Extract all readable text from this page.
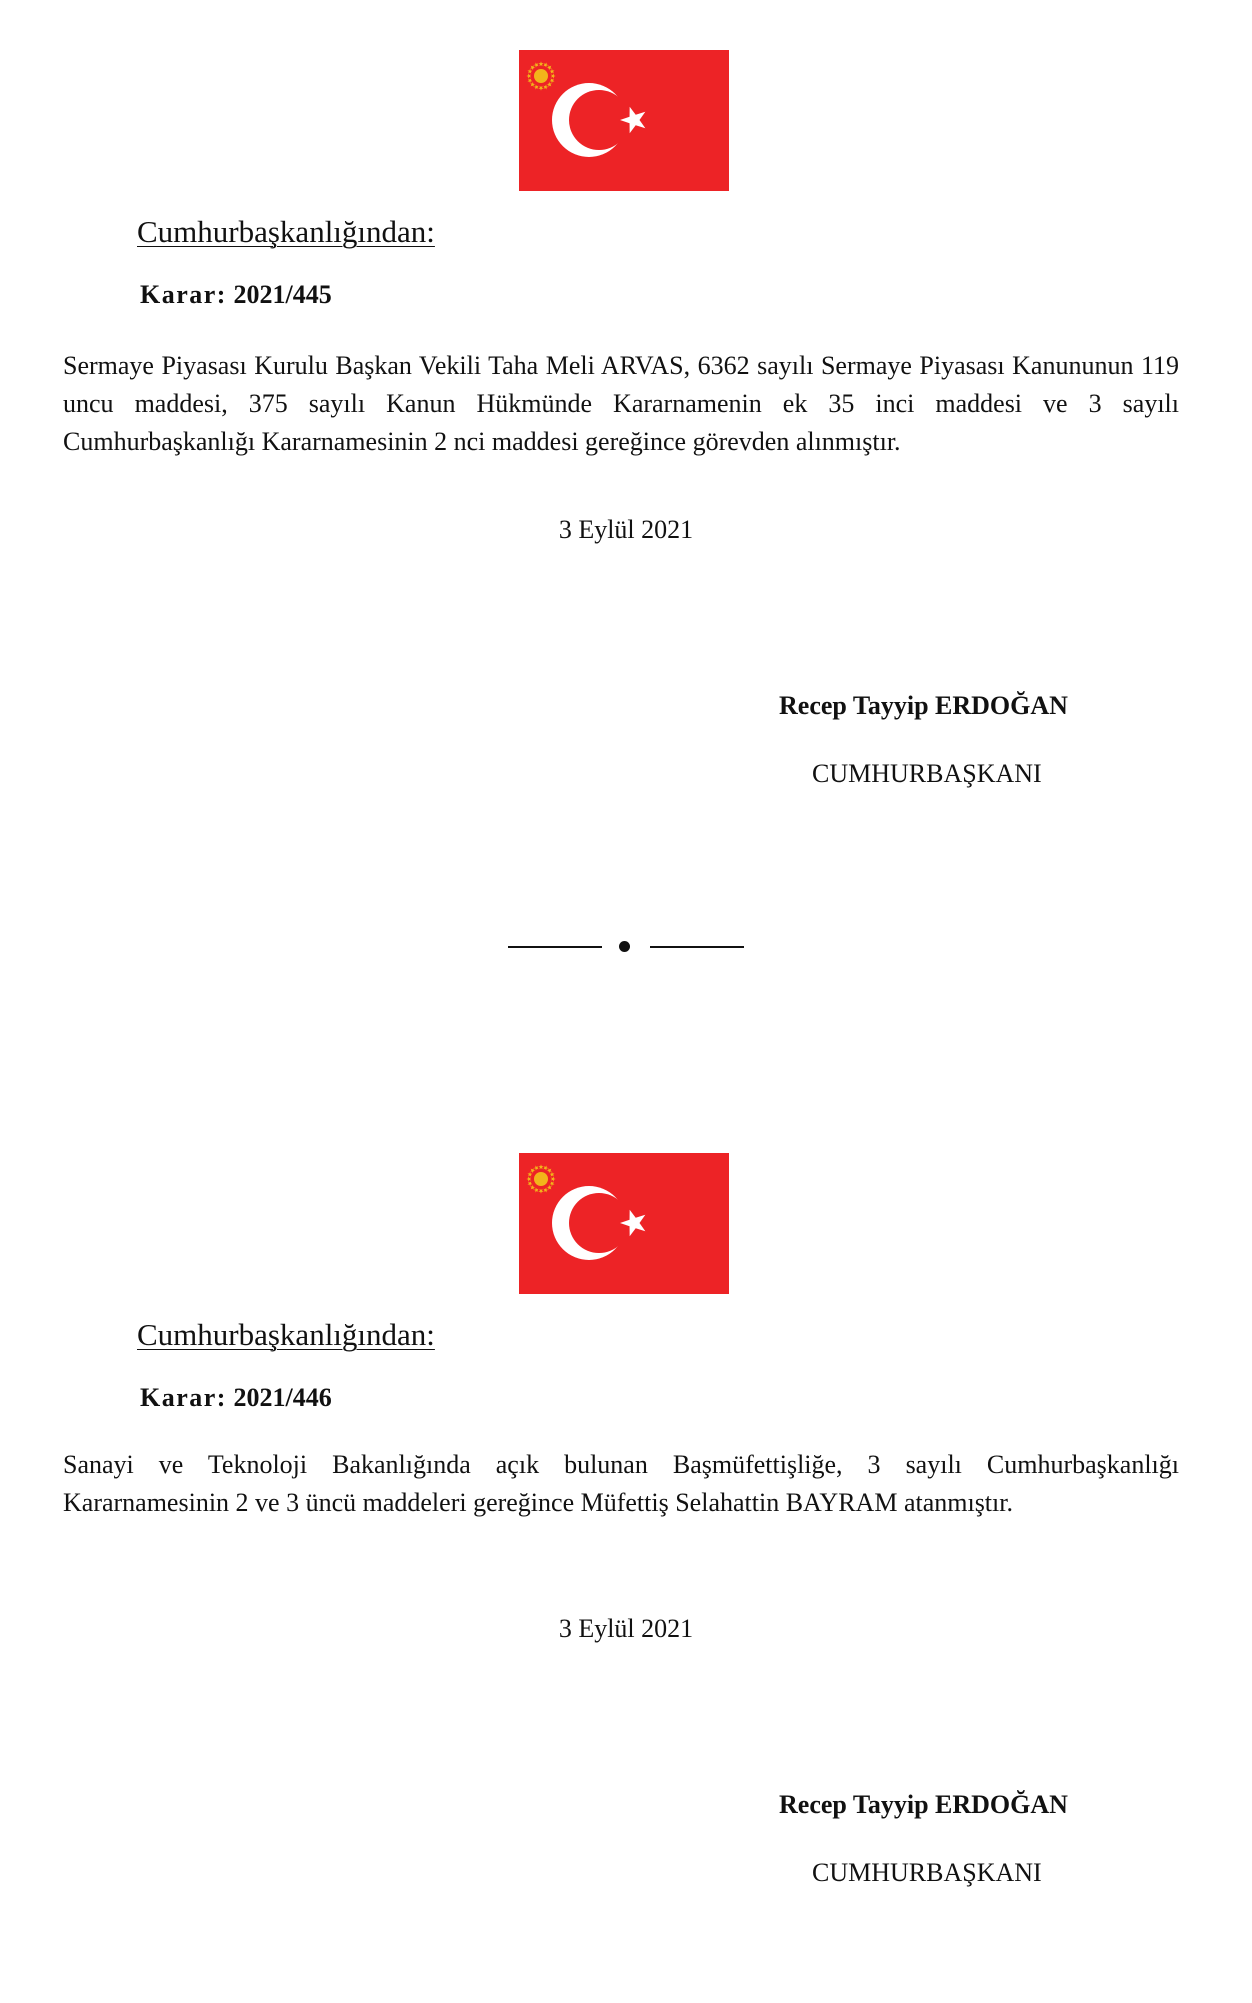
Cumhurbaşkanlığından:
Karar: 2021/445
Sermaye Piyasası Kurulu Başkan Vekili Taha Meli ARVAS, 6362 sayılı Sermaye Piyasası Kanununun 119 uncu maddesi, 375 sayılı Kanun Hükmünde Kararnamenin ek 35 inci maddesi ve 3 sayılı Cumhurbaşkanlığı Kararnamesinin 2 nci maddesi gereğince görevden alınmıştır.
3 Eylül 2021
Recep Tayyip ERDOĞAN
CUMHURBAŞKANI
Cumhurbaşkanlığından:
Karar: 2021/446
Sanayi ve Teknoloji Bakanlığında açık bulunan Başmüfettişliğe, 3 sayılı Cumhurbaşkanlığı Kararnamesinin 2 ve 3 üncü maddeleri gereğince Müfettiş Selahattin BAYRAM atanmıştır.
3 Eylül 2021
Recep Tayyip ERDOĞAN
CUMHURBAŞKANI
